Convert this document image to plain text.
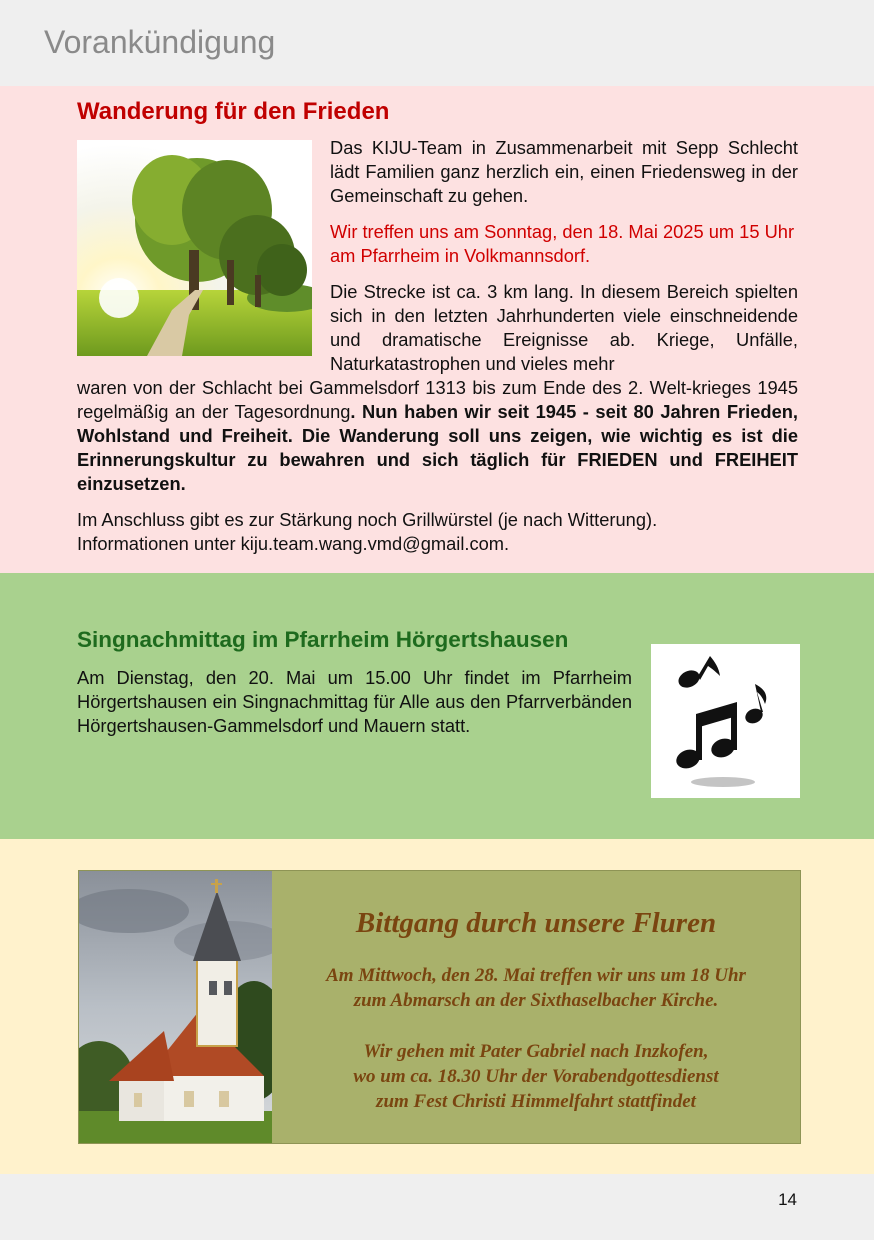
Vorankündigung
Wanderung für den Frieden
Das KIJU-Team in Zusammenarbeit mit Sepp Schlecht lädt Familien ganz herzlich ein, einen Friedensweg in der Gemeinschaft zu gehen.
Wir treffen uns am Sonntag, den 18. Mai 2025 um 15 Uhr am Pfarrheim in Volkmannsdorf.
Die Strecke ist ca. 3 km lang. In diesem Bereich spielten sich in den letzten Jahrhunderten viele einschneidende und dramatische Ereignisse ab. Kriege, Unfälle, Naturkatastrophen und vieles mehr
waren von der Schlacht bei Gammelsdorf 1313 bis zum Ende des 2. Welt-krieges 1945 regelmäßig an der Tagesordnung. Nun haben wir seit 1945 - seit 80 Jahren Frieden, Wohlstand und Freiheit. Die Wanderung soll uns zeigen, wie wichtig es ist die Erinnerungskultur zu bewahren und sich täglich für FRIEDEN und FREIHEIT einzusetzen.
Im Anschluss gibt es zur Stärkung noch Grillwürstel (je nach Witterung).
Informationen unter kiju.team.wang.vmd@gmail.com.
Singnachmittag im Pfarrheim Hörgertshausen
Am Dienstag, den 20. Mai um 15.00 Uhr findet im Pfarrheim Hörgertshausen ein Singnachmittag für Alle aus den Pfarrverbänden Hörgertshausen-Gammelsdorf und Mauern statt.
Bittgang durch unsere Fluren
Am Mittwoch, den 28. Mai treffen wir uns um 18 Uhr
zum Abmarsch an der Sixthaselbacher Kirche.
Wir gehen mit Pater Gabriel nach Inzkofen,
wo um ca. 18.30 Uhr der Vorabendgottesdienst
zum Fest Christi Himmelfahrt stattfindet
14
